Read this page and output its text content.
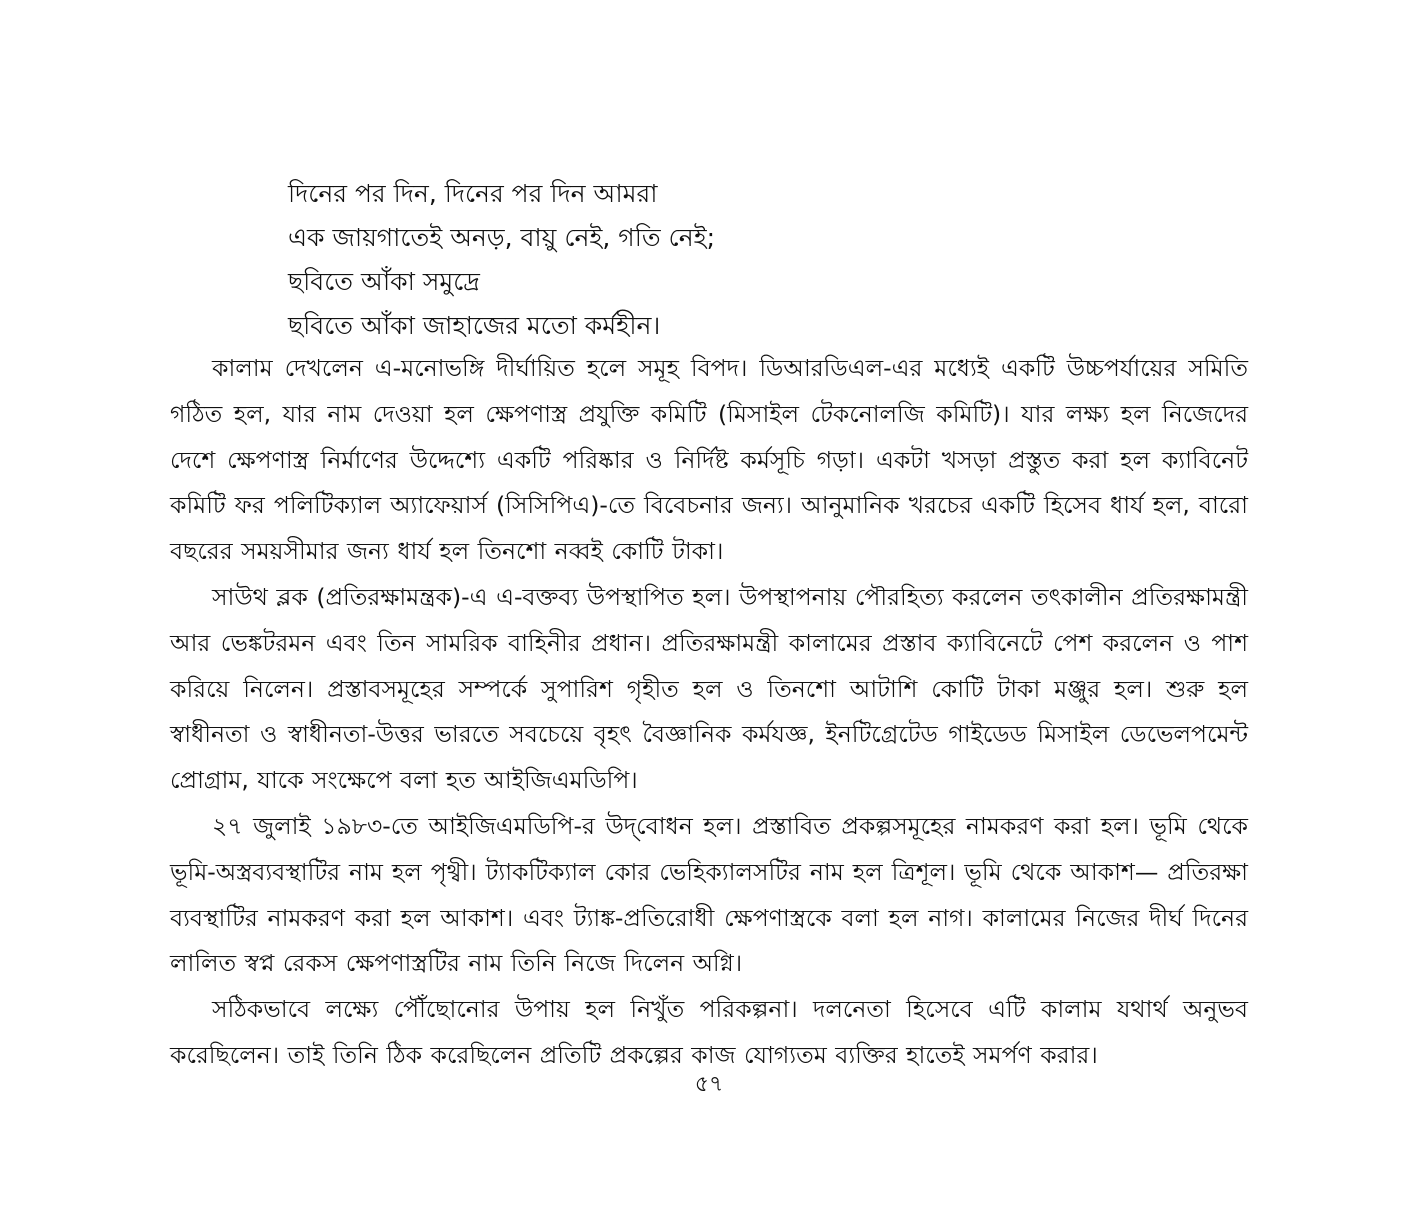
দিনের পর দিন, দিনের পর দিন আমরা
এক জায়গাতেই অনড়, বায়ু নেই, গতি নেই;
ছবিতে আঁকা সমুদ্রে
ছবিতে আঁকা জাহাজের মতো কর্মহীন।

কালাম দেখলেন এ-মনোভঙ্গি দীর্ঘায়িত হলে সমূহ বিপদ। ডিআরডিএল-এর মধ্যেই একটি উচ্চপর্যায়ের সমিতি গঠিত হল, যার নাম দেওয়া হল ক্ষেপণাস্ত্র প্রযুক্তি কমিটি (মিসাইল টেকনোলজি কমিটি)। যার লক্ষ্য হল নিজেদের দেশে ক্ষেপণাস্ত্র নির্মাণের উদ্দেশ্যে একটি পরিষ্কার ও নির্দিষ্ট কর্মসূচি গড়া। একটা খসড়া প্রস্তুত করা হল ক্যাবিনেট কমিটি ফর পলিটিক্যাল অ্যাফেয়ার্স (সিসিপিএ)-তে বিবেচনার জন্য। আনুমানিক খরচের একটি হিসেব ধার্য হল, বারো বছরের সময়সীমার জন্য ধার্য হল তিনশো নব্বই কোটি টাকা।

সাউথ ব্লক (প্রতিরক্ষামন্ত্রক)-এ এ-বক্তব্য উপস্থাপিত হল। উপস্থাপনায় পৌরহিত্য করলেন তৎকালীন প্রতিরক্ষামন্ত্রী আর ভেঙ্কটরমন এবং তিন সামরিক বাহিনীর প্রধান। প্রতিরক্ষামন্ত্রী কালামের প্রস্তাব ক্যাবিনেটে পেশ করলেন ও পাশ করিয়ে নিলেন। প্রস্তাবসমূহের সম্পর্কে সুপারিশ গৃহীত হল ও তিনশো আটাশি কোটি টাকা মঞ্জুর হল। শুরু হল স্বাধীনতা ও স্বাধীনতা-উত্তর ভারতে সবচেয়ে বৃহৎ বৈজ্ঞানিক কর্মযজ্ঞ, ইনটিগ্রেটেড গাইডেড মিসাইল ডেভেলপমেন্ট প্রোগ্রাম, যাকে সংক্ষেপে বলা হত আইজিএমডিপি।

২৭ জুলাই ১৯৮৩-তে আইজিএমডিপি-র উদ্‌বোধন হল। প্রস্তাবিত প্রকল্পসমূহের নামকরণ করা হল। ভূমি থেকে ভূমি-অস্ত্রব্যবস্থাটির নাম হল পৃথ্বী। ট্যাকটিক্যাল কোর ভেহিক্যালসটির নাম হল ত্রিশূল। ভূমি থেকে আকাশ— প্রতিরক্ষা ব্যবস্থাটির নামকরণ করা হল আকাশ। এবং ট্যাঙ্ক-প্রতিরোধী ক্ষেপণাস্ত্রকে বলা হল নাগ। কালামের নিজের দীর্ঘ দিনের লালিত স্বপ্ন রেকস ক্ষেপণাস্ত্রটির নাম তিনি নিজে দিলেন অগ্নি।

সঠিকভাবে লক্ষ্যে পৌঁছোনোর উপায় হল নিখুঁত পরিকল্পনা। দলনেতা হিসেবে এটি কালাম যথার্থ অনুভব করেছিলেন। তাই তিনি ঠিক করেছিলেন প্রতিটি প্রকল্পের কাজ যোগ্যতম ব্যক্তির হাতেই সমর্পণ করার।

৫৭
